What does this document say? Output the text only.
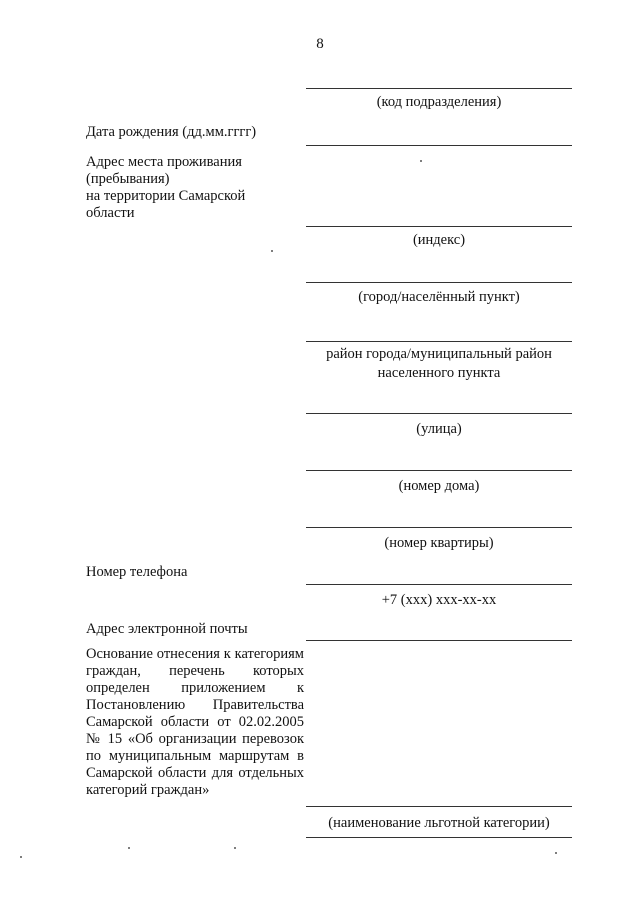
8
(код подразделения)
Дата рождения (дд.мм.гггг)
Адрес места проживания
(пребывания)
на территории Самарской
области
(индекс)
(город/населённый пункт)
район города/муниципальный район
населенного пункта
(улица)
(номер дома)
(номер квартиры)
Номер телефона
+7 (ххх) ххх-хх-хх
Адрес электронной почты
Основание отнесения к категориям граждан, перечень которых определен приложением к Постановлению Правительства Самарской области от 02.02.2005 № 15 «Об организации перевозок по муниципальным маршрутам в Самарской области для отдельных категорий граждан»
(наименование льготной категории)
